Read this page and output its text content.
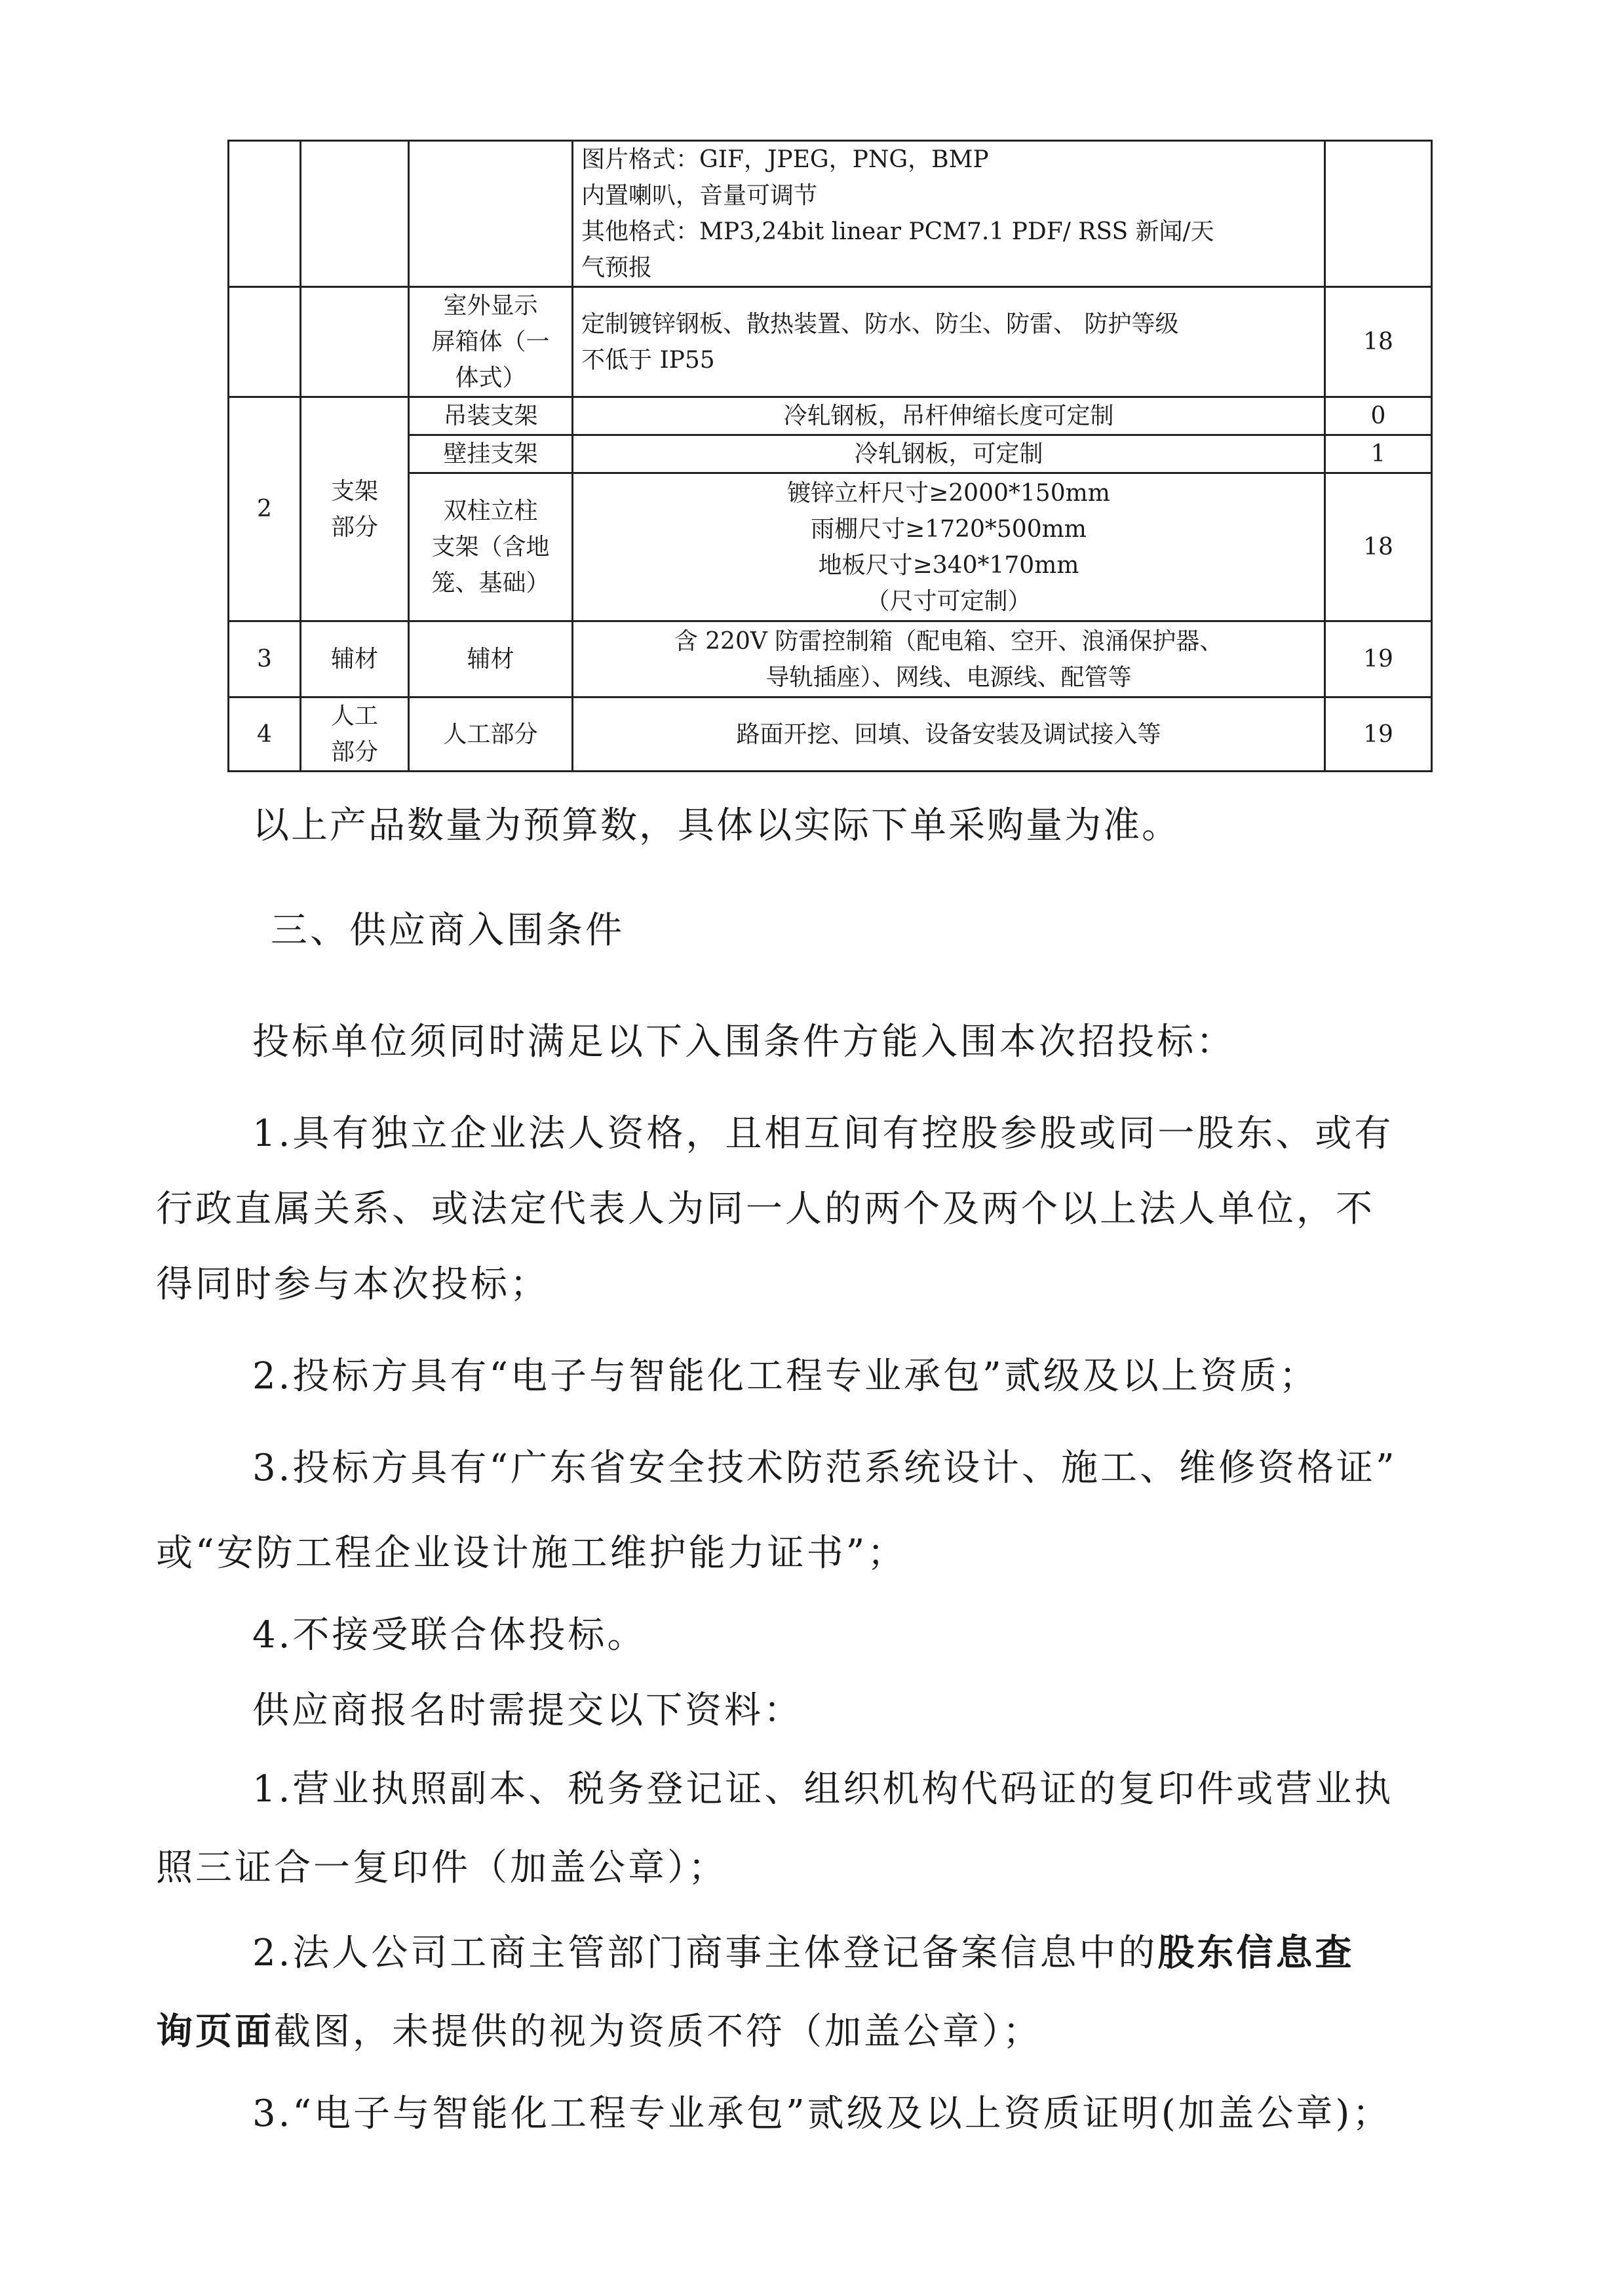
			图片格式：GIF，JPEG，PNG，BMP
内置喇叭，音量可调节
其他格式：MP3,24bit linear PCM7.1 PDF/ RSS 新闻/天
气预报	
		室外显示
屏箱体（一
体式）	定制镀锌钢板、散热装置、防水、防尘、防雷、 防护等级
不低于 IP55	18
2	支架
部分	吊装支架	冷轧钢板，吊杆伸缩长度可定制	0
		壁挂支架	冷轧钢板，可定制	1
		双柱立柱
支架（含地
笼、基础）	镀锌立杆尺寸≥2000*150mm
雨棚尺寸≥1720*500mm
地板尺寸≥340*170mm
（尺寸可定制）	18
3	辅材	辅材	含 220V 防雷控制箱（配电箱、空开、浪涌保护器、
导轨插座）、网线、电源线、配管等	19
4	人工
部分	人工部分	路面开挖、回填、设备安装及调试接入等	19
以上产品数量为预算数，具体以实际下单采购量为准。
三、供应商入围条件
投标单位须同时满足以下入围条件方能入围本次招投标：
1.具有独立企业法人资格，且相互间有控股参股或同一股东、或有
行政直属关系、或法定代表人为同一人的两个及两个以上法人单位，不
得同时参与本次投标；
2.投标方具有“电子与智能化工程专业承包”贰级及以上资质；
3.投标方具有“广东省安全技术防范系统设计、施工、维修资格证”
或“安防工程企业设计施工维护能力证书”；
4.不接受联合体投标。
供应商报名时需提交以下资料：
1.营业执照副本、税务登记证、组织机构代码证的复印件或营业执
照三证合一复印件（加盖公章）；
2.法人公司工商主管部门商事主体登记备案信息中的股东信息查
询页面截图，未提供的视为资质不符（加盖公章）；
3.“电子与智能化工程专业承包”贰级及以上资质证明(加盖公章)；
